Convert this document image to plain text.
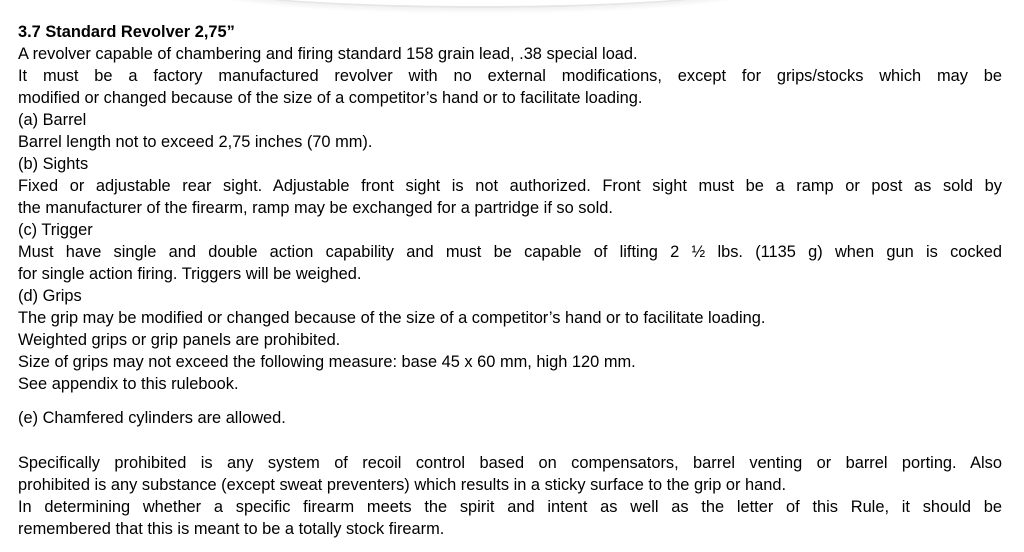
3.7 Standard Revolver 2,75”

A revolver capable of chambering and firing standard 158 grain lead, .38 special load.

It must be a factory manufactured revolver with no external modifications, except for grips/stocks which may be

modified or changed because of the size of a competitor’s hand or to facilitate loading.

(a) Barrel

Barrel length not to exceed 2,75 inches (70 mm).

(b) Sights

Fixed or adjustable rear sight. Adjustable front sight is not authorized. Front sight must be a ramp or post as sold by

the manufacturer of the firearm, ramp may be exchanged for a partridge if so sold.

(c) Trigger

Must have single and double action capability and must be capable of lifting 2 ½ lbs. (1135 g) when gun is cocked

for single action firing. Triggers will be weighed.

(d) Grips

The grip may be modified or changed because of the size of a competitor’s hand or to facilitate loading.

Weighted grips or grip panels are prohibited.

Size of grips may not exceed the following measure: base 45 x 60 mm, high 120 mm.

See appendix to this rulebook.

(e) Chamfered cylinders are allowed.

Specifically prohibited is any system of recoil control based on compensators, barrel venting or barrel porting. Also

prohibited is any substance (except sweat preventers) which results in a sticky surface to the grip or hand.

In determining whether a specific firearm meets the spirit and intent as well as the letter of this Rule, it should be

remembered that this is meant to be a totally stock firearm.
